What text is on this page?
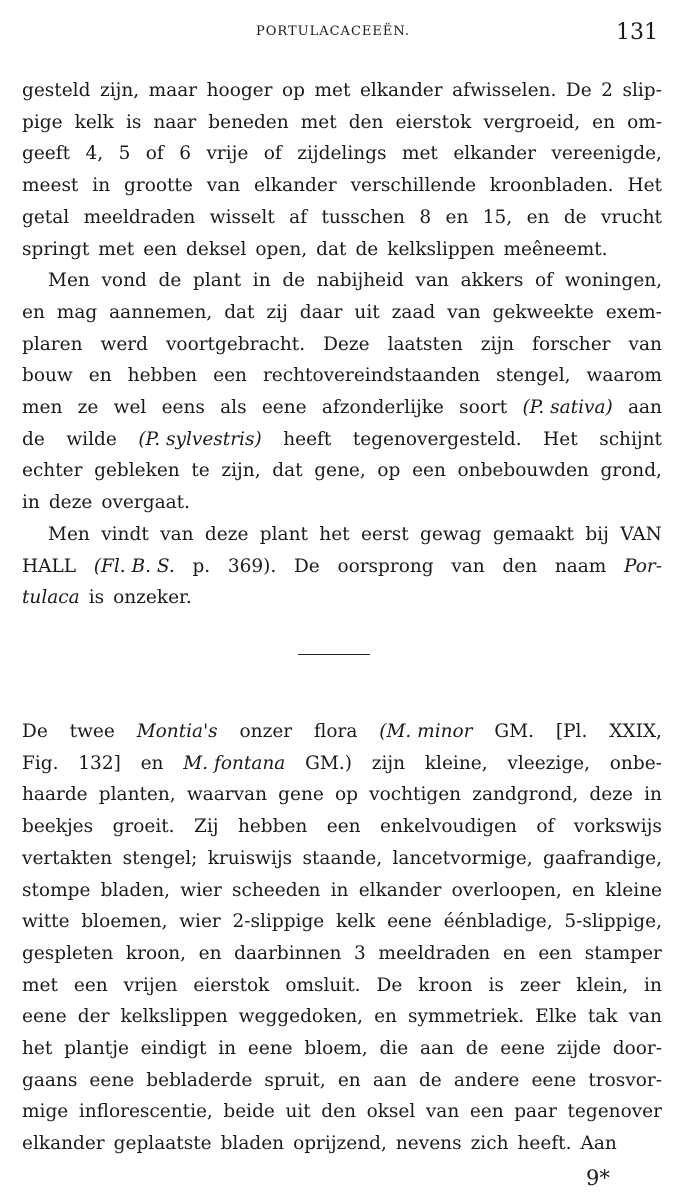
PORTULACACEEËN.	131
gesteld zijn, maar hooger op met elkander afwisselen. De 2 slip-
pige kelk is naar beneden met den eierstok vergroeid, en om-
geeft 4, 5 of 6 vrije of zijdelings met elkander vereenigde,
meest in grootte van elkander verschillende kroonbladen. Het
getal meeldraden wisselt af tusschen 8 en 15, en de vrucht
springt met een deksel open, dat de kelkslippen meêneemt.
Men vond de plant in de nabijheid van akkers of woningen,
en mag aannemen, dat zij daar uit zaad van gekweekte exem-
plaren werd voortgebracht. Deze laatsten zijn forscher van
bouw en hebben een rechtovereindstaanden stengel, waarom
men ze wel eens als eene afzonderlijke soort (P. sativa) aan
de wilde (P. sylvestris) heeft tegenovergesteld. Het schijnt
echter gebleken te zijn, dat gene, op een onbebouwden grond,
in deze overgaat.
Men vindt van deze plant het eerst gewag gemaakt bij VAN
HALL (Fl. B. S. p. 369). De oorsprong van den naam Por-
tulaca is onzeker.
De twee Montia's onzer flora (M. minor GM. [Pl. XXIX,
Fig. 132] en M. fontana GM.) zijn kleine, vleezige, onbe-
haarde planten, waarvan gene op vochtigen zandgrond, deze in
beekjes groeit. Zij hebben een enkelvoudigen of vorkswijs
vertakten stengel; kruiswijs staande, lancetvormige, gaafrandige,
stompe bladen, wier scheeden in elkander overloopen, en kleine
witte bloemen, wier 2-slippige kelk eene éénbladige, 5-slippige,
gespleten kroon, en daarbinnen 3 meeldraden en een stamper
met een vrijen eierstok omsluit. De kroon is zeer klein, in
eene der kelkslippen weggedoken, en symmetriek. Elke tak van
het plantje eindigt in eene bloem, die aan de eene zijde door-
gaans eene bebladerde spruit, en aan de andere eene trosvor-
mige inflorescentie, beide uit den oksel van een paar tegenover
elkander geplaatste bladen oprijzend, nevens zich heeft. Aan
9*
